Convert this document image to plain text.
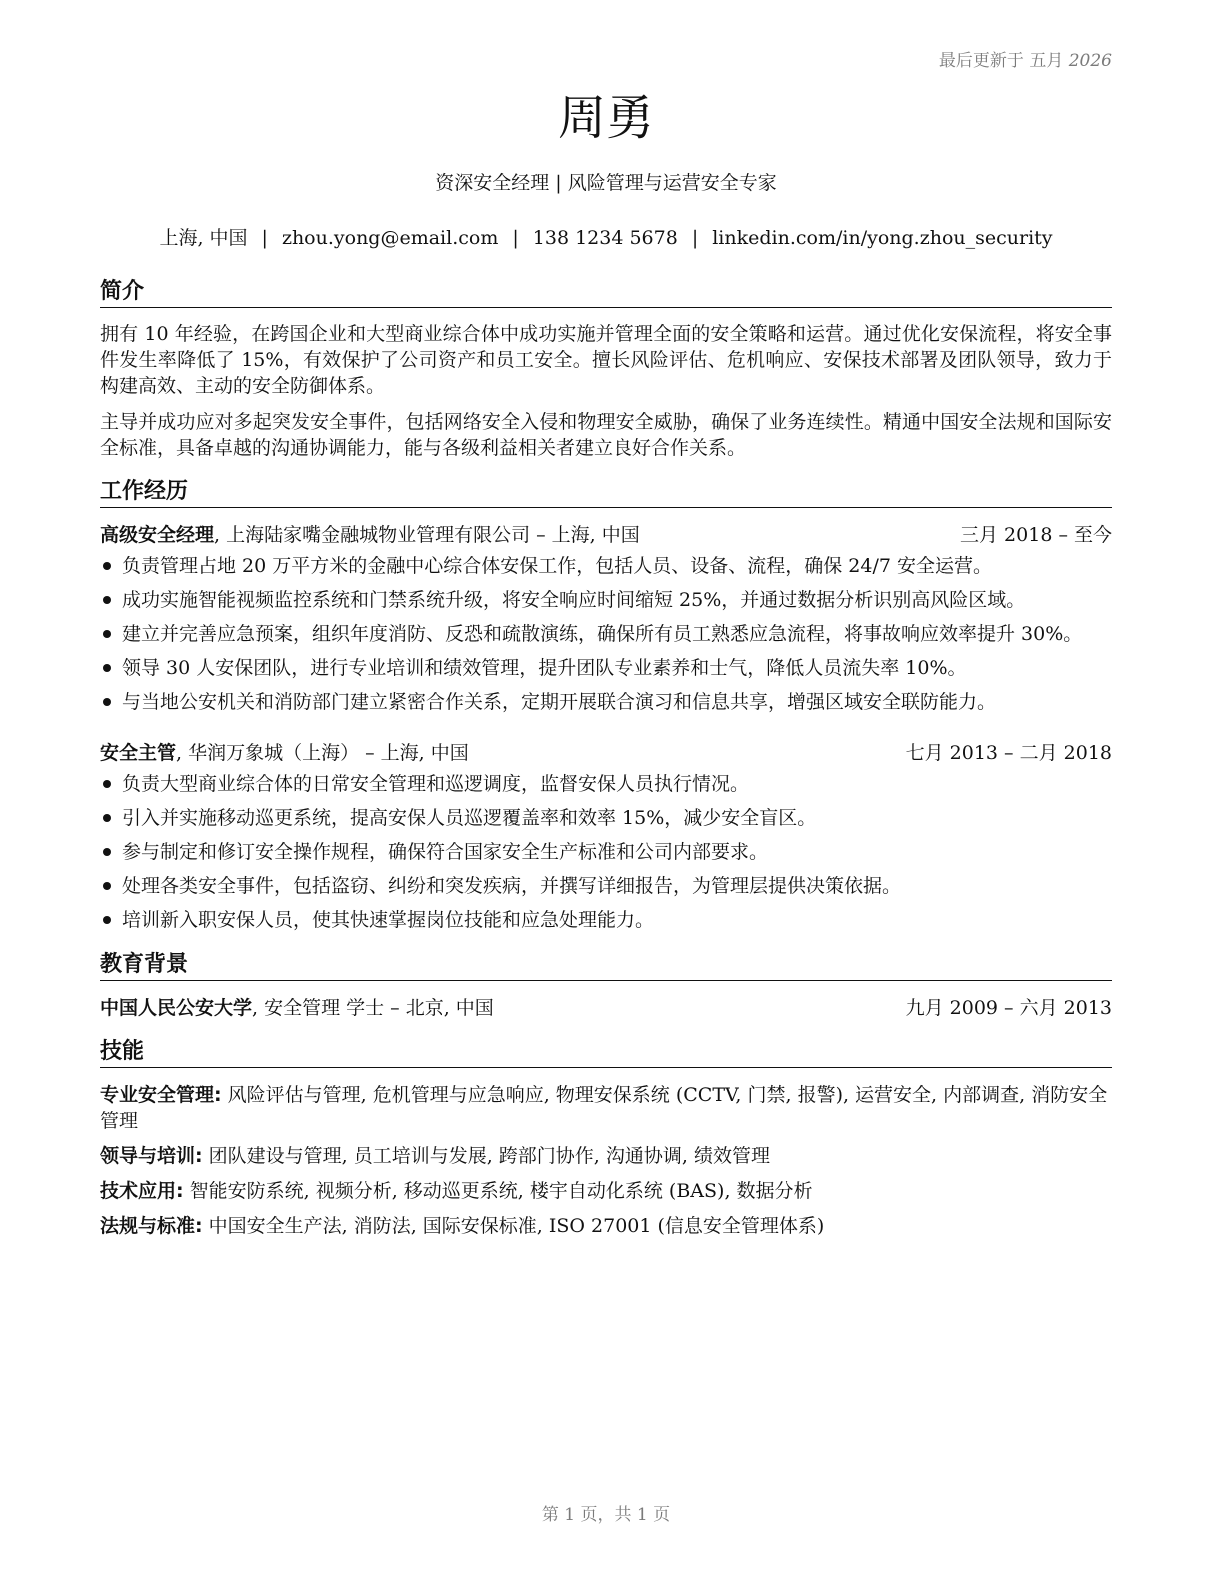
最后更新于 五月 2026
周勇
资深安全经理 | 风险管理与运营安全专家
上海, 中国 | zhou.yong@email.com | 138 1234 5678 | linkedin.com/in/yong.zhou_security
简介
拥有 10 年经验，在跨国企业和大型商业综合体中成功实施并管理全面的安全策略和运营。通过优化安保流程，将安全事件发生率降低了 15%，有效保护了公司资产和员工安全。擅长风险评估、危机响应、安保技术部署及团队领导，致力于构建高效、主动的安全防御体系。
主导并成功应对多起突发安全事件，包括网络安全入侵和物理安全威胁，确保了业务连续性。精通中国安全法规和国际安全标准，具备卓越的沟通协调能力，能与各级利益相关者建立良好合作关系。
工作经历
高级安全经理, 上海陆家嘴金融城物业管理有限公司 – 上海, 中国	三月 2018 – 至今
负责管理占地 20 万平方米的金融中心综合体安保工作，包括人员、设备、流程，确保 24/7 安全运营。
成功实施智能视频监控系统和门禁系统升级，将安全响应时间缩短 25%，并通过数据分析识别高风险区域。
建立并完善应急预案，组织年度消防、反恐和疏散演练，确保所有员工熟悉应急流程，将事故响应效率提升 30%。
领导 30 人安保团队，进行专业培训和绩效管理，提升团队专业素养和士气，降低人员流失率 10%。
与当地公安机关和消防部门建立紧密合作关系，定期开展联合演习和信息共享，增强区域安全联防能力。
安全主管, 华润万象城（上海） – 上海, 中国	七月 2013 – 二月 2018
负责大型商业综合体的日常安全管理和巡逻调度，监督安保人员执行情况。
引入并实施移动巡更系统，提高安保人员巡逻覆盖率和效率 15%，减少安全盲区。
参与制定和修订安全操作规程，确保符合国家安全生产标准和公司内部要求。
处理各类安全事件，包括盗窃、纠纷和突发疾病，并撰写详细报告，为管理层提供决策依据。
培训新入职安保人员，使其快速掌握岗位技能和应急处理能力。
教育背景
中国人民公安大学, 安全管理 学士 – 北京, 中国	九月 2009 – 六月 2013
技能
专业安全管理: 风险评估与管理, 危机管理与应急响应, 物理安保系统 (CCTV, 门禁, 报警), 运营安全, 内部调查, 消防安全管理
领导与培训: 团队建设与管理, 员工培训与发展, 跨部门协作, 沟通协调, 绩效管理
技术应用: 智能安防系统, 视频分析, 移动巡更系统, 楼宇自动化系统 (BAS), 数据分析
法规与标准: 中国安全生产法, 消防法, 国际安保标准, ISO 27001 (信息安全管理体系)
第 1 页，共 1 页
